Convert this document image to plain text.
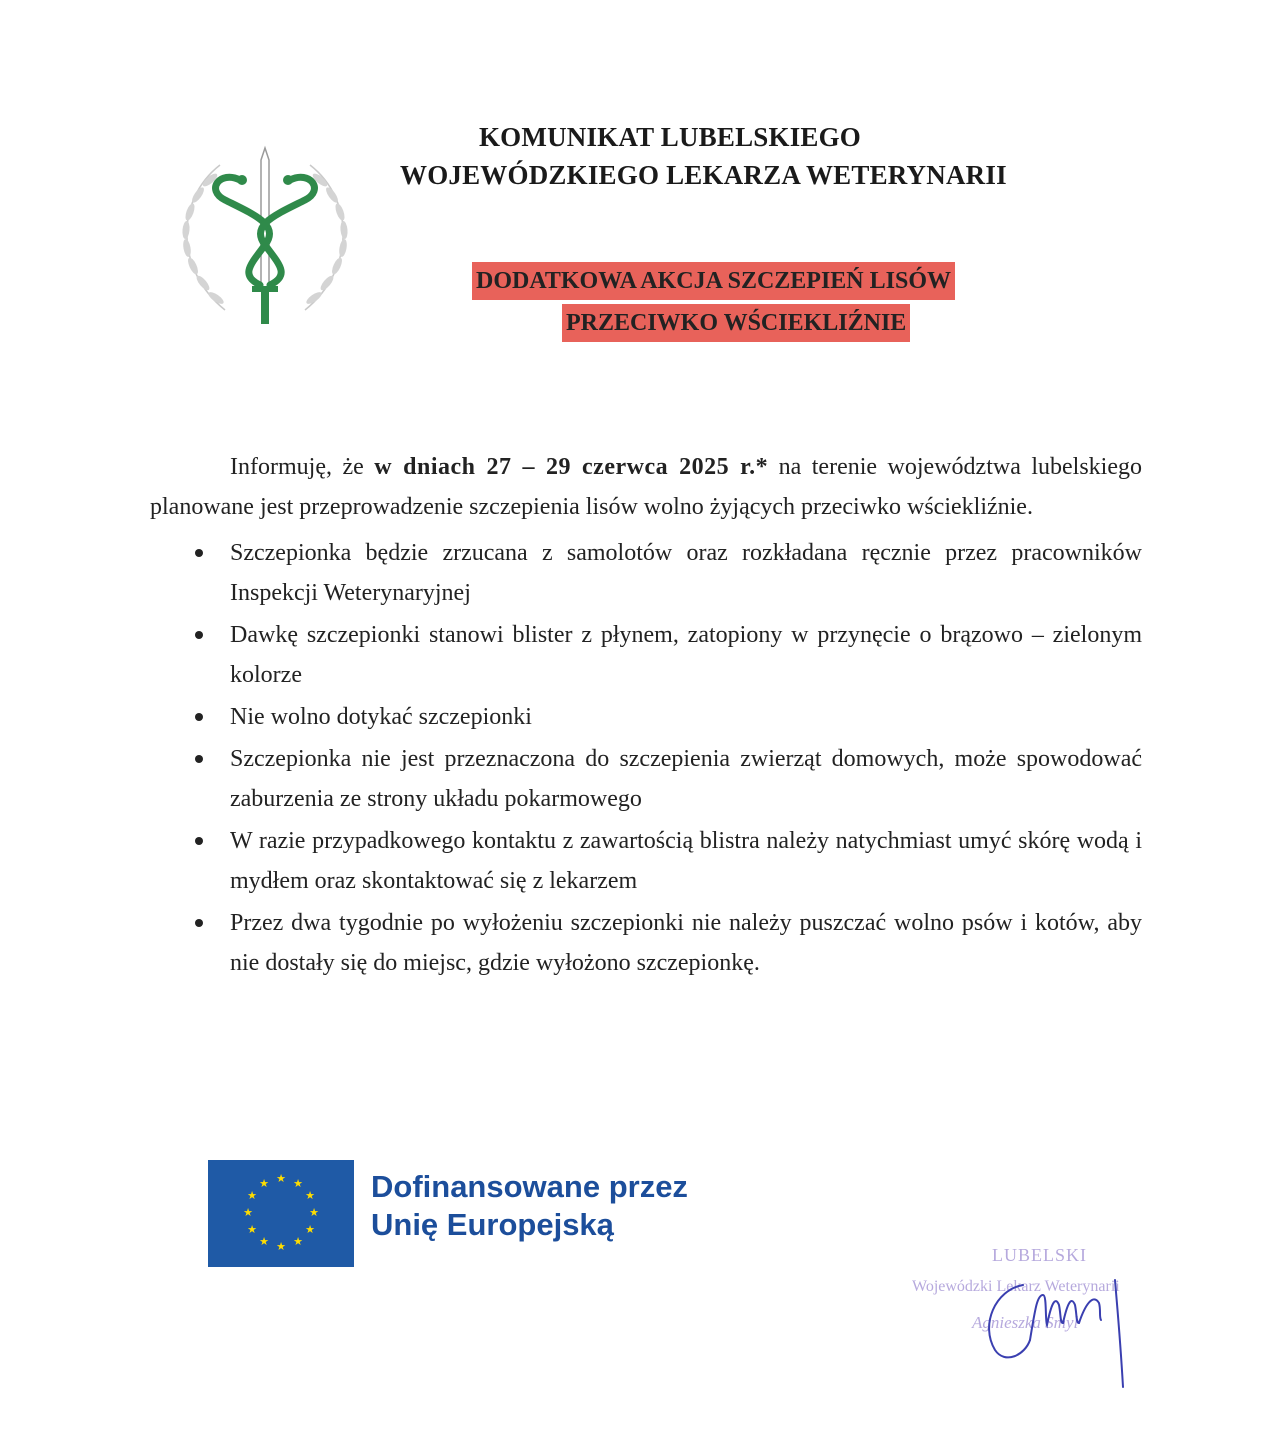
KOMUNIKAT LUBELSKIEGO
WOJEWÓDZKIEGO LEKARZA WETERYNARII
DODATKOWA AKCJA SZCZEPIEŃ LISÓW
PRZECIWKO WŚCIEKLIŹNIE

Informuję, że w dniach 27 – 29 czerwca 2025 r.* na terenie województwa lubelskiego planowane jest przeprowadzenie szczepienia lisów wolno żyjących przeciwko wściekliźnie.

Szczepionka będzie zrzucana z samolotów oraz rozkładana ręcznie przez pracowników Inspekcji Weterynaryjnej
Dawkę szczepionki stanowi blister z płynem, zatopiony w przynęcie o brązowo – zielonym kolorze
Nie wolno dotykać szczepionki
Szczepionka nie jest przeznaczona do szczepienia zwierząt domowych, może spowodować zaburzenia ze strony układu pokarmowego
W razie przypadkowego kontaktu z zawartością blistra należy natychmiast umyć skórę wodą i mydłem oraz skontaktować się z lekarzem
Przez dwa tygodnie po wyłożeniu szczepionki nie należy puszczać wolno psów i kotów, aby nie dostały się do miejsc, gdzie wyłożono szczepionkę.
★ ★
★
★
★
★
★
★
★
★
★
★	Dofinansowane przez
Unię Europejską
LUBELSKI
Wojewódzki Lekarz Weterynarii
Agnieszka Smyl
